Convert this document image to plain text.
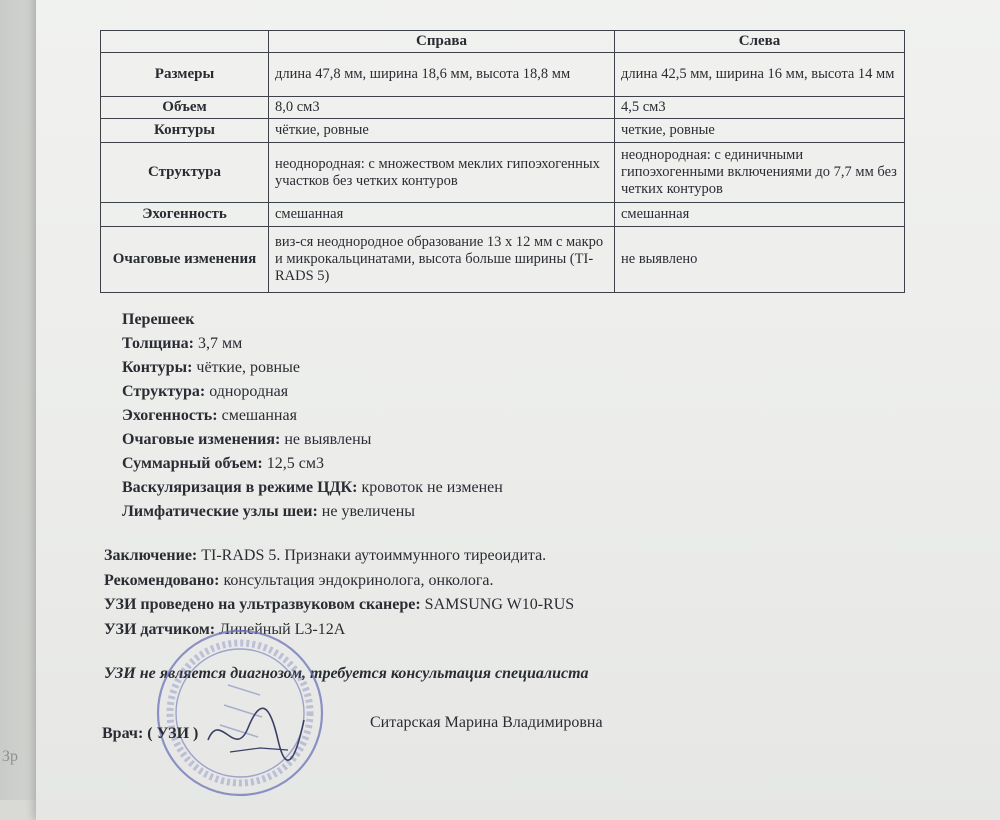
Зр
	Справа	Слева
Размеры	длина 47,8 мм, ширина 18,6 мм, высота 18,8 мм	длина 42,5 мм, ширина 16 мм, высота 14 мм
Объем	8,0 см3	4,5 см3
Контуры	чёткие, ровные	четкие, ровные
Структура	неоднородная: с множеством меклих гипоэхогенных участков без четких контуров	неоднородная: с единичными гипоэхогенными включениями до 7,7 мм без четких контуров
Эхогенность	смешанная	смешанная
Очаговые изменения	виз-ся неоднородное образование 13 х 12 мм с макро и микрокальцинатами, высота больше ширины (TI-RADS 5)	не выявлено
Перешеек
Толщина: 3,7 мм
Контуры: чёткие, ровные
Структура: однородная
Эхогенность: смешанная
Очаговые изменения: не выявлены
Суммарный объем: 12,5 см3
Васкуляризация в режиме ЦДК: кровоток не изменен
Лимфатические узлы шеи: не увеличены
Заключение: TI-RADS 5. Признаки аутоиммунного тиреоидита.
Рекомендовано: консультация эндокринолога, онколога.
УЗИ проведено на ультразвуковом сканере: SAMSUNG W10-RUS
УЗИ датчиком: Линейный L3-12A
УЗИ не является диагнозом, требуется консультация специалиста
Врач: ( УЗИ )
Ситарская Марина Владимировна
